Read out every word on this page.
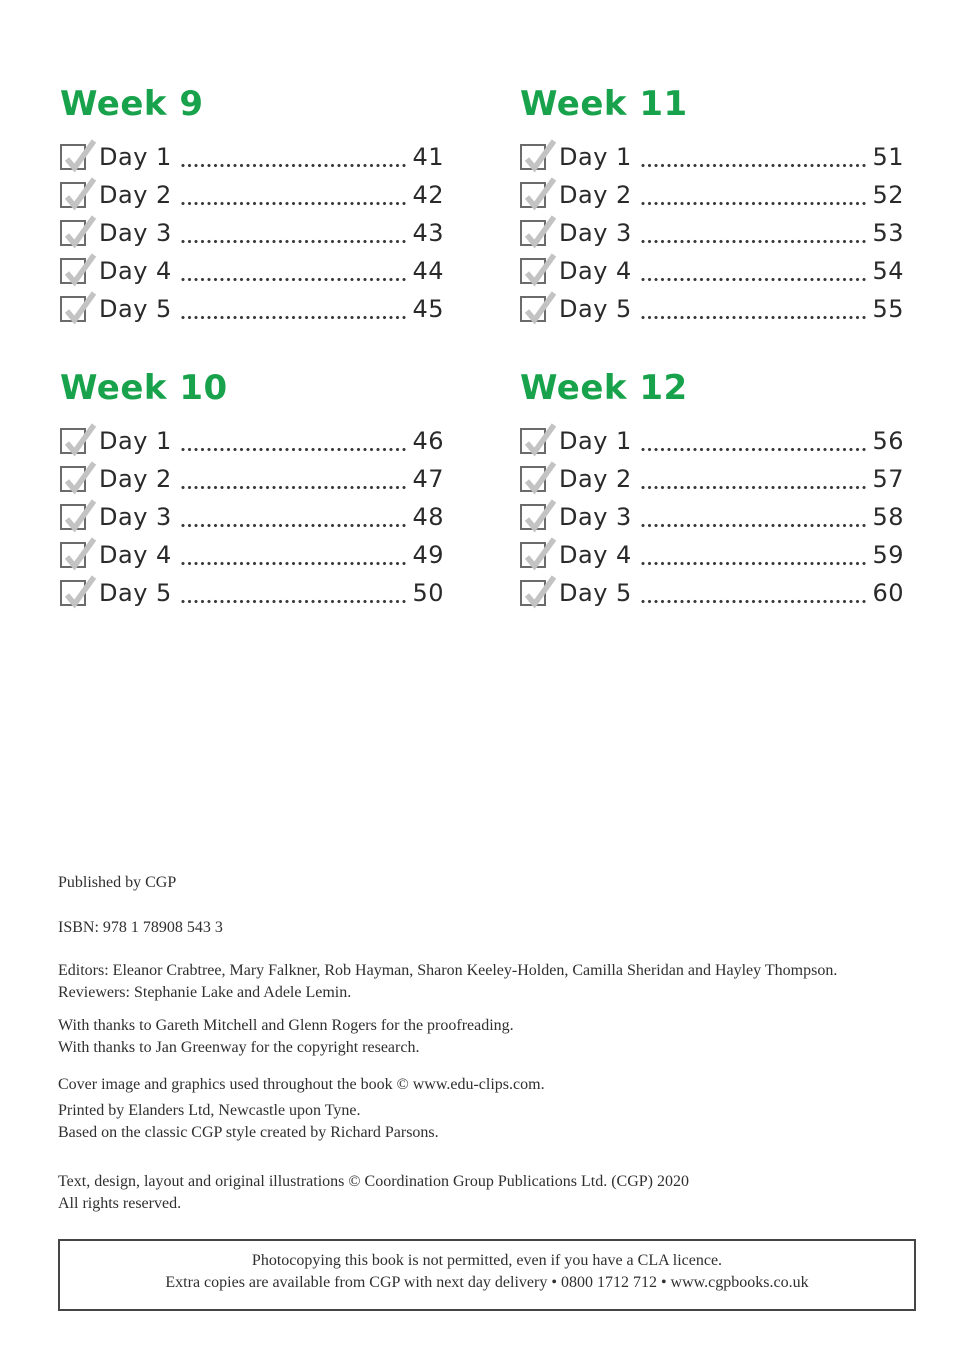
Week 9
Day 1	41
Day 2	42
Day 3	43
Day 4	44
Day 5	45
Week 10
Day 1	46
Day 2	47
Day 3	48
Day 4	49
Day 5	50
Week 11
Day 1	51
Day 2	52
Day 3	53
Day 4	54
Day 5	55
Week 12
Day 1	56
Day 2	57
Day 3	58
Day 4	59
Day 5	60

Published by CGP

ISBN: 978 1 78908 543 3

Editors: Eleanor Crabtree, Mary Falkner, Rob Hayman, Sharon Keeley-Holden, Camilla Sheridan and Hayley Thompson.

Reviewers: Stephanie Lake and Adele Lemin.

With thanks to Gareth Mitchell and Glenn Rogers for the proofreading.

With thanks to Jan Greenway for the copyright research.

Cover image and graphics used throughout the book © www.edu-clips.com.

Printed by Elanders Ltd, Newcastle upon Tyne.

Based on the classic CGP style created by Richard Parsons.

Text, design, layout and original illustrations © Coordination Group Publications Ltd. (CGP) 2020

All rights reserved.

Photocopying this book is not permitted, even if you have a CLA licence.

Extra copies are available from CGP with next day delivery • 0800 1712 712 • www.cgpbooks.co.uk
